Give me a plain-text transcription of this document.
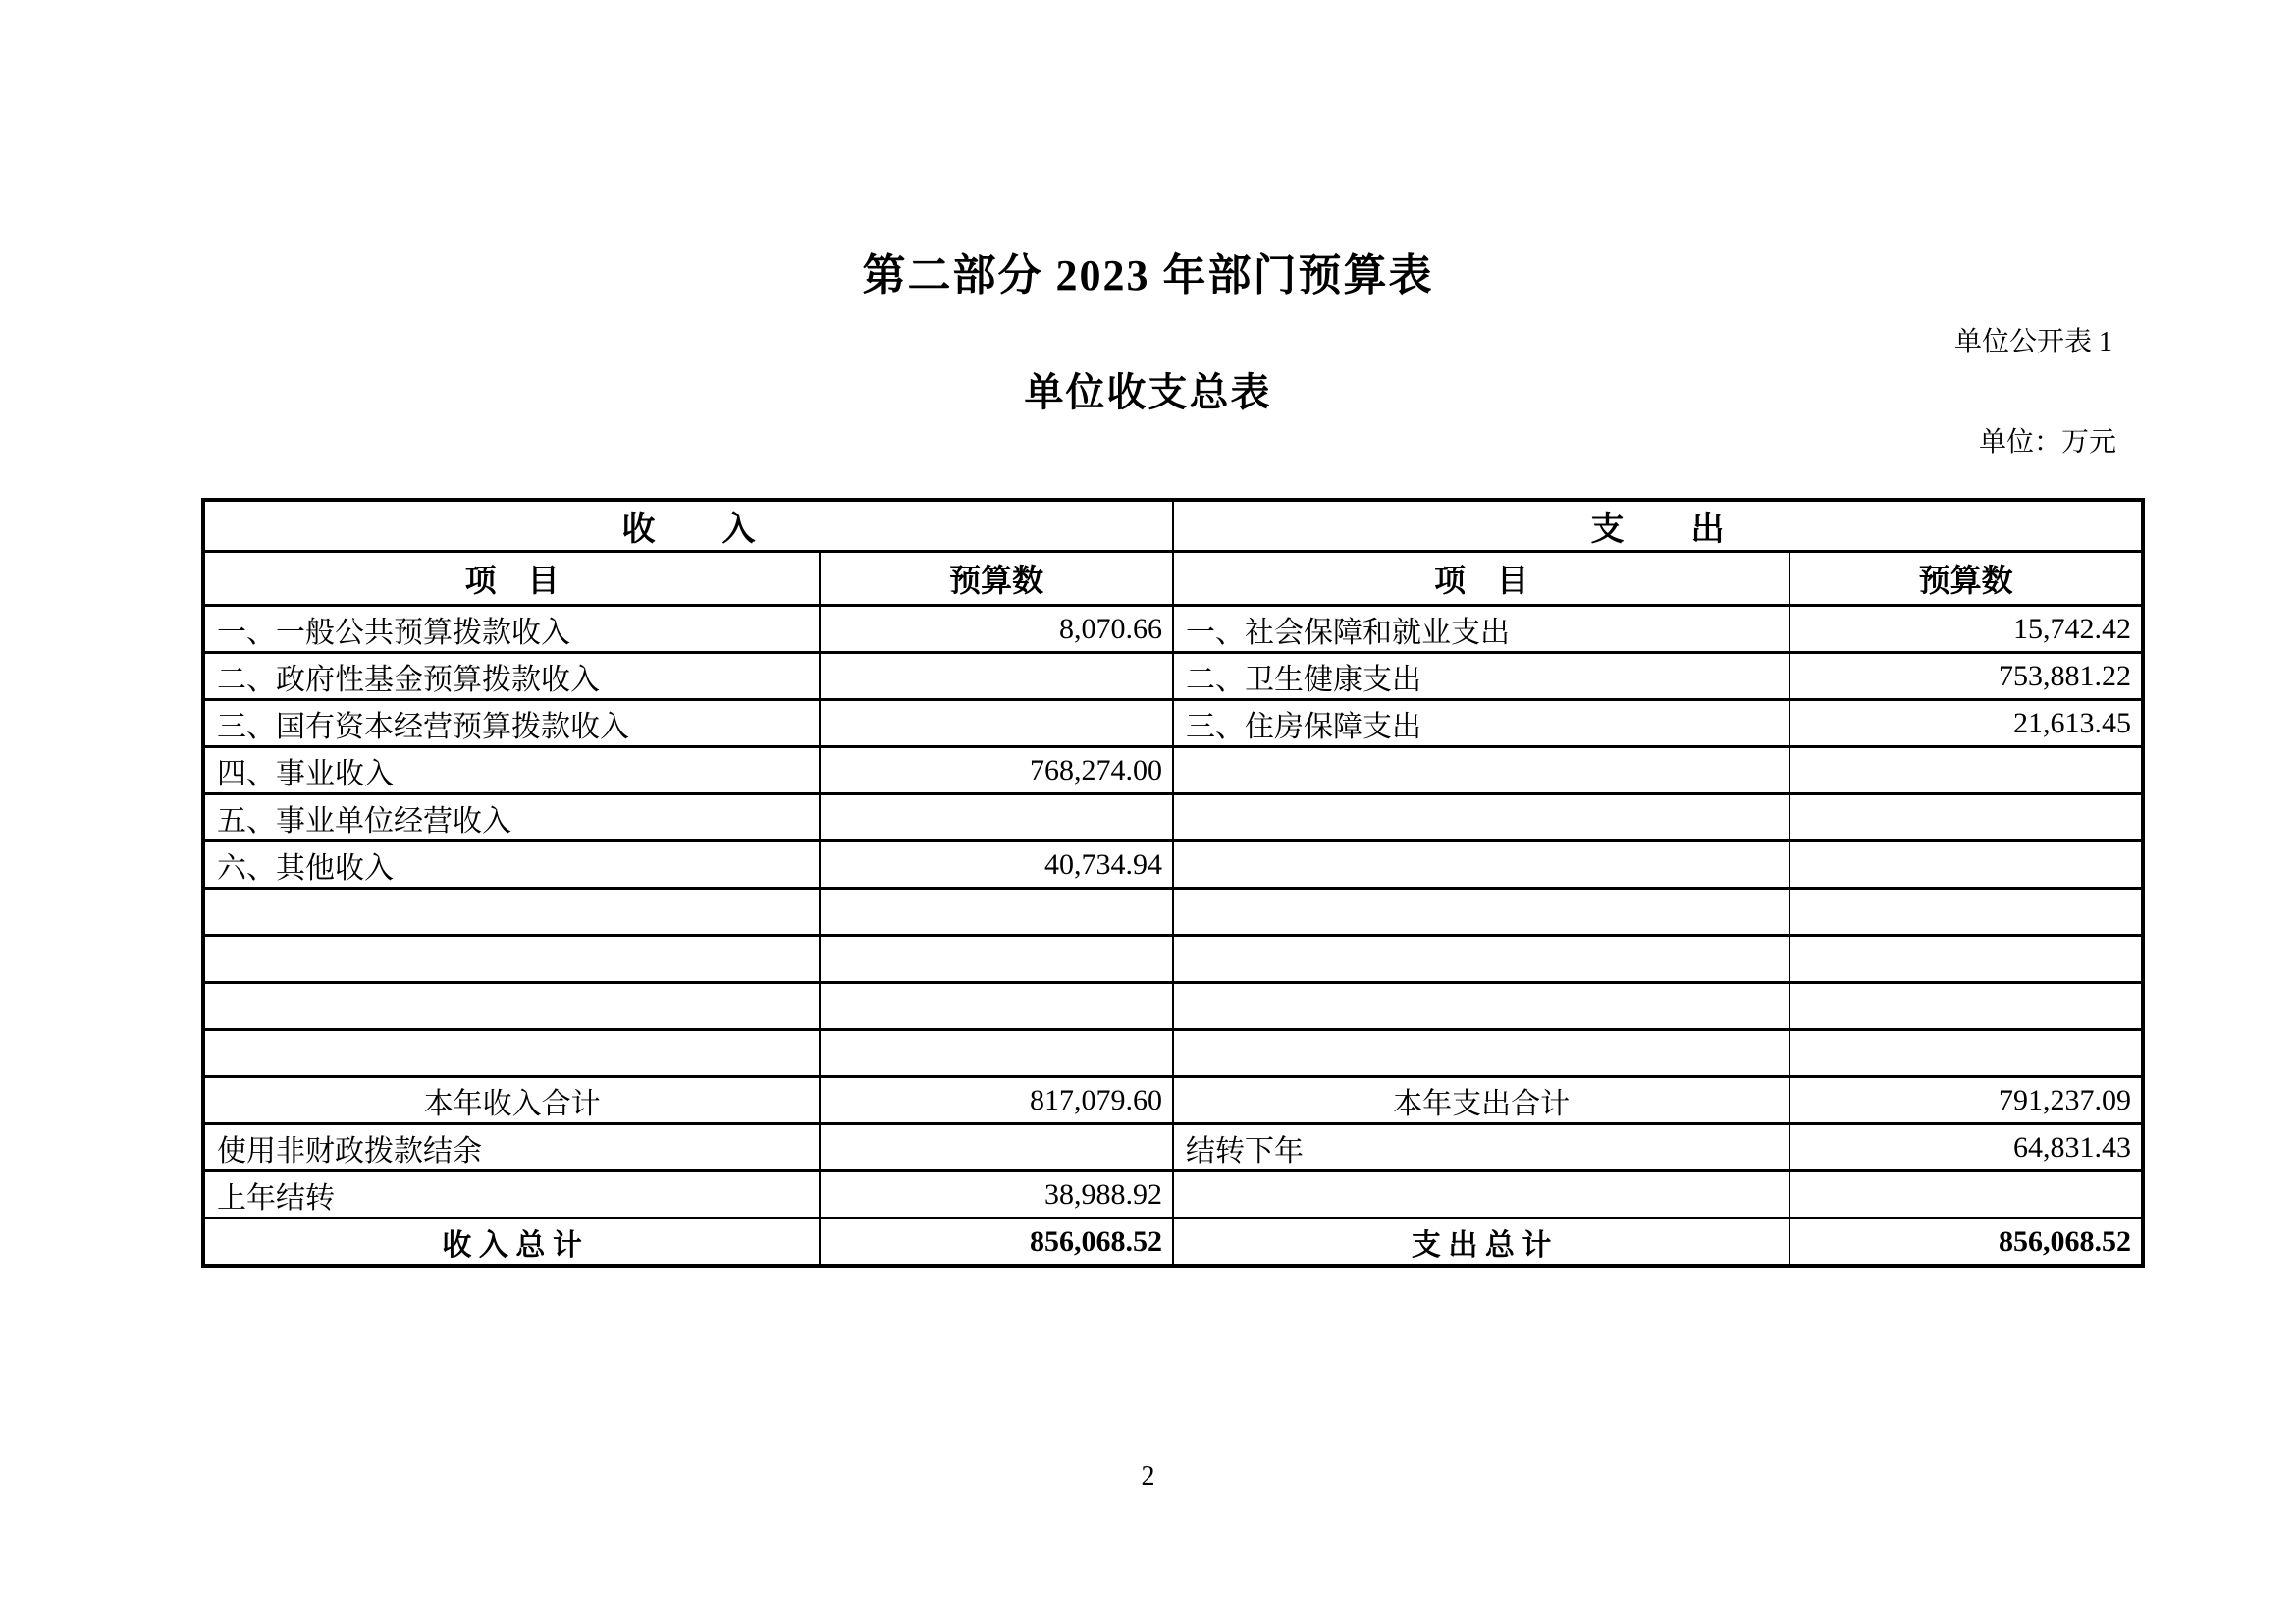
第二部分 2023 年部门预算表
单位公开表 1
单位收支总表
单位：万元
收　　入		支　　出	
项　目	预算数	项　目	预算数
一、一般公共预算拨款收入	8,070.66	一、社会保障和就业支出	15,742.42
二、政府性基金预算拨款收入		二、卫生健康支出	753,881.22
三、国有资本经营预算拨款收入		三、住房保障支出	21,613.45
四、事业收入	768,274.00		
五、事业单位经营收入			
六、其他收入	40,734.94		

本年收入合计	817,079.60	本年支出合计	791,237.09
使用非财政拨款结余		结转下年	64,831.43
上年结转	38,988.92		
收 入 总 计	856,068.52	支 出 总 计	856,068.52
2
